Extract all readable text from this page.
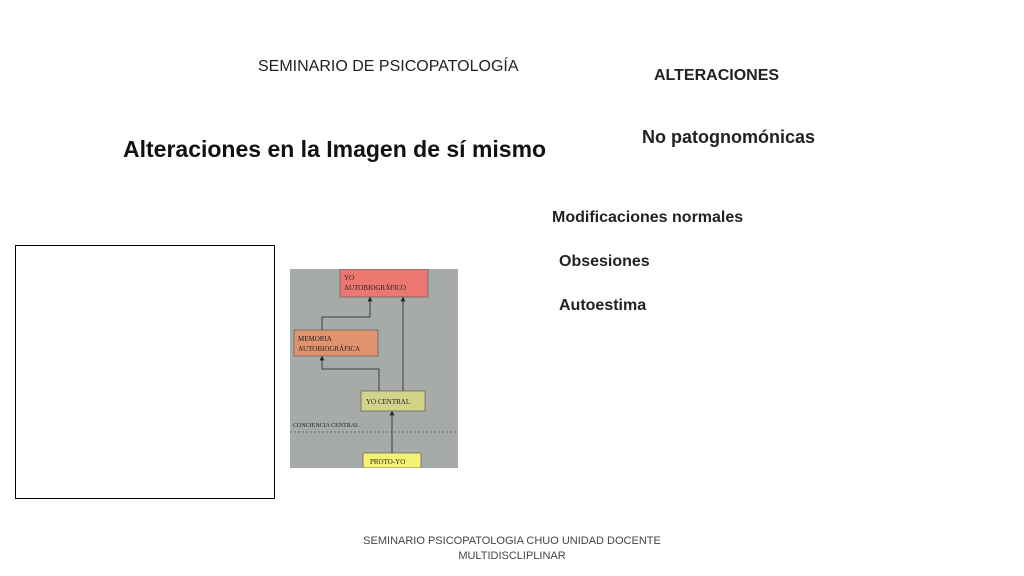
SEMINARIO DE PSICOPATOLOGÍA
ALTERACIONES
Alteraciones en la Imagen de sí mismo	No patognomónicas
Modificaciones normales
Obsesiones
Autoestima
CONCIENCIA CENTRAL
YO
AUTOBIOGRÁFICO
MEMORIA
AUTOBIOGRÁFICA
YO CENTRAL
PROTO-YO
SEMINARIO PSICOPATOLOGIA CHUO UNIDAD DOCENTE MULTIDISCLIPLINAR
